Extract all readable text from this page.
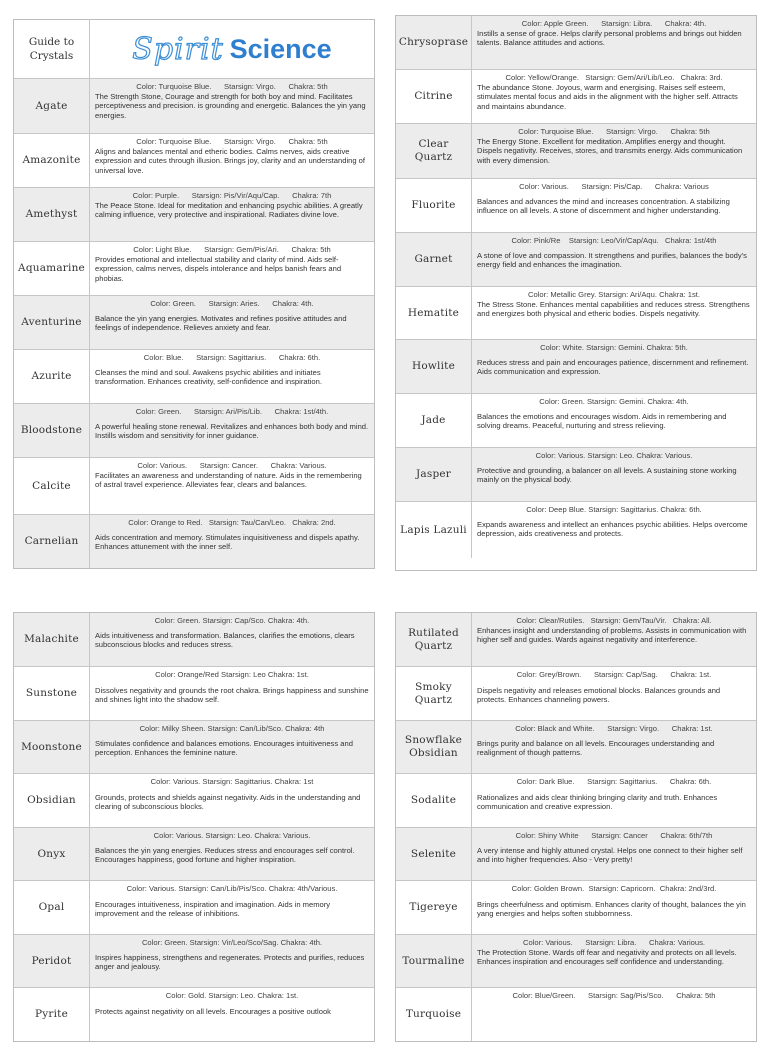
Guide to Crystals	Spirit Science
Agate
Color: Turquoise Blue.      Starsign: Virgo.      Chakra: 5th
The Strength Stone, Courage and strength for both boy and mind. Facilitates perceptiveness and precision. is grounding and energetic. Balances the yin yang energies.
Amazonite
Color: Turquoise Blue.      Starsign: Virgo.      Chakra: 5th
Aligns and balances mental and etheric bodies. Calms nerves, aids creative expression and cutes through illusion. Brings joy, clarity and an understanding of universal love.
Amethyst
Color: Purple.      Starsign: Pis/Vir/Aqu/Cap.      Chakra: 7th
The Peace Stone. Ideal for meditation and enhancing psychic abilities. A greatly calming influence, very protective and inspirational. Radiates divine love.
Aquamarine
Color: Light Blue.      Starsign: Gem/Pis/Ari.      Chakra: 5th
Provides emotional and intellectual stability and clarity of mind. Aids self-expression, calms nerves, dispels intolerance and helps banish fears and phobias.
Aventurine
Color: Green.      Starsign: Aries.      Chakra: 4th.
Balance the yin yang energies. Motivates and refines positive attitudes and feelings of independence. Relieves anxiety and fear.
Azurite
Color: Blue.      Starsign: Sagittarius.      Chakra: 6th.
Cleanses the mind and soul. Awakens psychic abilities and initiates transformation. Enhances creativity, self-confidence and inspiration.
Bloodstone
Color: Green.      Starsign: Ari/Pis/Lib.      Chakra: 1st/4th.
A powerful healing stone renewal. Revitalizes and enhances both body and mind. Instills wisdom and sensitivity for inner guidance.
Calcite
Color: Various.      Starsign: Cancer.      Chakra: Various.
Facilitates an awareness and understanding of nature. Aids in the remembering of astral travel experience. Alleviates fear, clears and balances.
Carnelian
Color: Orange to Red.   Starsign: Tau/Can/Leo.   Chakra: 2nd.
Aids concentration and memory. Stimulates inquisitiveness and dispels apathy. Enhances attunement with the inner self.
Chrysoprase
Color: Apple Green.      Starsign: Libra.      Chakra: 4th.
Instills a sense of grace. Helps clarify personal problems and brings out hidden talents. Balance attitudes and actions.
Citrine
Color: Yellow/Orange.   Starsign: Gem/Ari/Lib/Leo.   Chakra: 3rd.
The abundance Stone. Joyous, warm and energising. Raises self esteem, stimulates mental focus and aids in the alignment with the higher self. Attracts and maintains abundance.
Clear Quartz
Color: Turquoise Blue.      Starsign: Virgo.      Chakra: 5th
The Energy Stone. Excellent for meditation. Amplifies energy and thought. Dispels negativity. Receives, stores, and transmits energy. Aids communication with every dimension.
Fluorite
Color: Various.      Starsign: Pis/Cap.      Chakra: Various
Balances and advances the mind and increases concentration. A stabilizing influence on all levels. A stone of discernment and higher understanding.
Garnet
Color: Pink/Re    Starsign: Leo/Vir/Cap/Aqu.   Chakra: 1st/4th
A stone of love and compassion. It strengthens and purifies, balances the body's energy field and enhances the imagination.
Hematite
Color: Metallic Grey. Starsign: Ari/Aqu. Chakra: 1st.
The Stress Stone. Enhances mental capabilities and reduces stress. Strengthens and energizes both physical and etheric bodies. Dispels negativity.
Howlite
Color: White. Starsign: Gemini. Chakra: 5th.
Reduces stress and pain and encourages patience, discernment and refinement. Aids communication and expression.
Jade
Color: Green. Starsign: Gemini. Chakra: 4th.
Balances the emotions and encourages wisdom. Aids in remembering and solving dreams. Peaceful, nurturing and stress relieving.
Jasper
Color: Various. Starsign: Leo. Chakra: Various.
Protective and grounding, a balancer on all levels. A sustaining stone working mainly on the physical body.
Lapis Lazuli
Color: Deep Blue. Starsign: Sagittarius. Chakra: 6th.
Expands awareness and intellect an enhances psychic abilities. Helps overcome depression, aids creativeness and protects.
Malachite
Color: Green. Starsign: Cap/Sco. Chakra: 4th.
Aids intuitiveness and transformation. Balances, clarifies the emotions, clears subconscious blocks and reduces stress.
Sunstone
Color: Orange/Red Starsign: Leo Chakra: 1st.
Dissolves negativity and grounds the root chakra. Brings happiness and sunshine and shines light into the shadow self.
Moonstone
Color: Milky Sheen. Starsign: Can/Lib/Sco. Chakra: 4th
Stimulates confidence and balances emotions. Encourages intuitiveness and perception. Enhances the feminine nature.
Obsidian
Color: Various. Starsign: Sagittarius. Chakra: 1st
Grounds, protects and shields against negativity. Aids in the understanding and clearing of subconscious blocks.
Onyx
Color: Various. Starsign: Leo. Chakra: Various.
Balances the yin yang energies. Reduces stress and encourages self control. Encourages happiness, good fortune and higher inspiration.
Opal
Color: Various. Starsign: Can/Lib/Pis/Sco. Chakra: 4th/Various.
Encourages intuitiveness, inspiration and imagination. Aids in memory improvement and the release of inhibitions.
Peridot
Color: Green. Starsign: Vir/Leo/Sco/Sag. Chakra: 4th.
Inspires happiness, strengthens and regenerates. Protects and purifies, reduces anger and jealousy.
Pyrite
Color: Gold. Starsign: Leo. Chakra: 1st.
Protects against negativity on all levels. Encourages a positive outlook
Rutilated Quartz
Color: Clear/Rutiles.   Starsign: Gem/Tau/Vir.   Chakra: All.
Enhances insight and understanding of problems. Assists in communication with higher self and guides. Wards against negativity and interference.
Smoky Quartz
Color: Grey/Brown.      Starsign: Cap/Sag.      Chakra: 1st.
Dispels negativity and releases emotional blocks. Balances grounds and protects. Enhances channeling powers.
Snowflake Obsidian
Color: Black and White.      Starsign: Virgo.      Chakra: 1st.
Brings purity and balance on all levels. Encourages understanding and realignment of though patterns.
Sodalite
Color: Dark Blue.      Starsign: Sagittarius.      Chakra: 6th.
Rationalizes and aids clear thinking bringing clarity and truth. Enhances communication and creative expression.
Selenite
Color: Shiny White      Starsign: Cancer      Chakra: 6th/7th
A very intense and highly attuned crystal. Helps one connect to their higher self and into higher frequencies. Also - Very pretty!
Tigereye
Color: Golden Brown.  Starsign: Capricorn.  Chakra: 2nd/3rd.
Brings cheerfulness and optimism. Enhances clarity of thought, balances the yin yang energies and helps soften stubbornness.
Tourmaline
Color: Various.      Starsign: Libra.      Chakra: Various.
The Protection Stone. Wards off fear and negativity and protects on all levels. Enhances inspiration and encourages self confidence and understanding.
Turquoise
Color: Blue/Green.      Starsign: Sag/Pis/Sco.      Chakra: 5th
